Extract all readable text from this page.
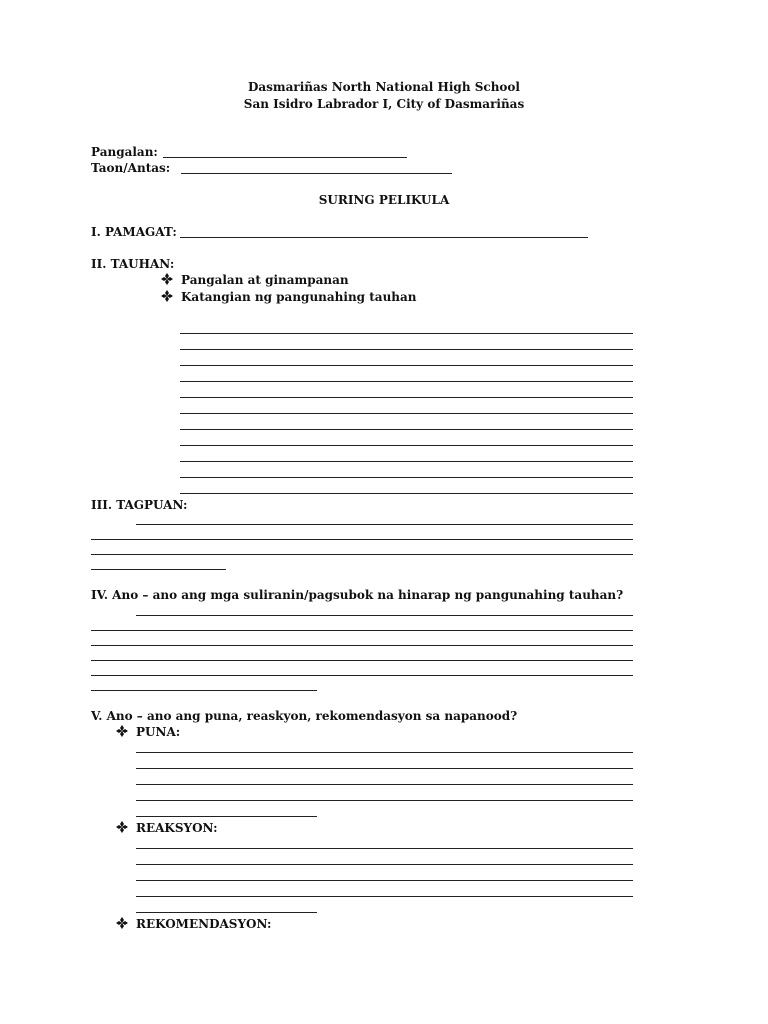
Dasmariñas North National High School
San Isidro Labrador I, City of Dasmariñas
Pangalan:
Taon/Antas:
SURING PELIKULA
I. PAMAGAT:
II. TAUHAN:
Pangalan at ginampanan
Katangian ng pangunahing tauhan
III. TAGPUAN:
IV. Ano – ano ang mga suliranin/pagsubok na hinarap ng pangunahing tauhan?
V. Ano – ano ang puna, reaskyon, rekomendasyon sa napanood?
PUNA:
REAKSYON:
REKOMENDASYON:
